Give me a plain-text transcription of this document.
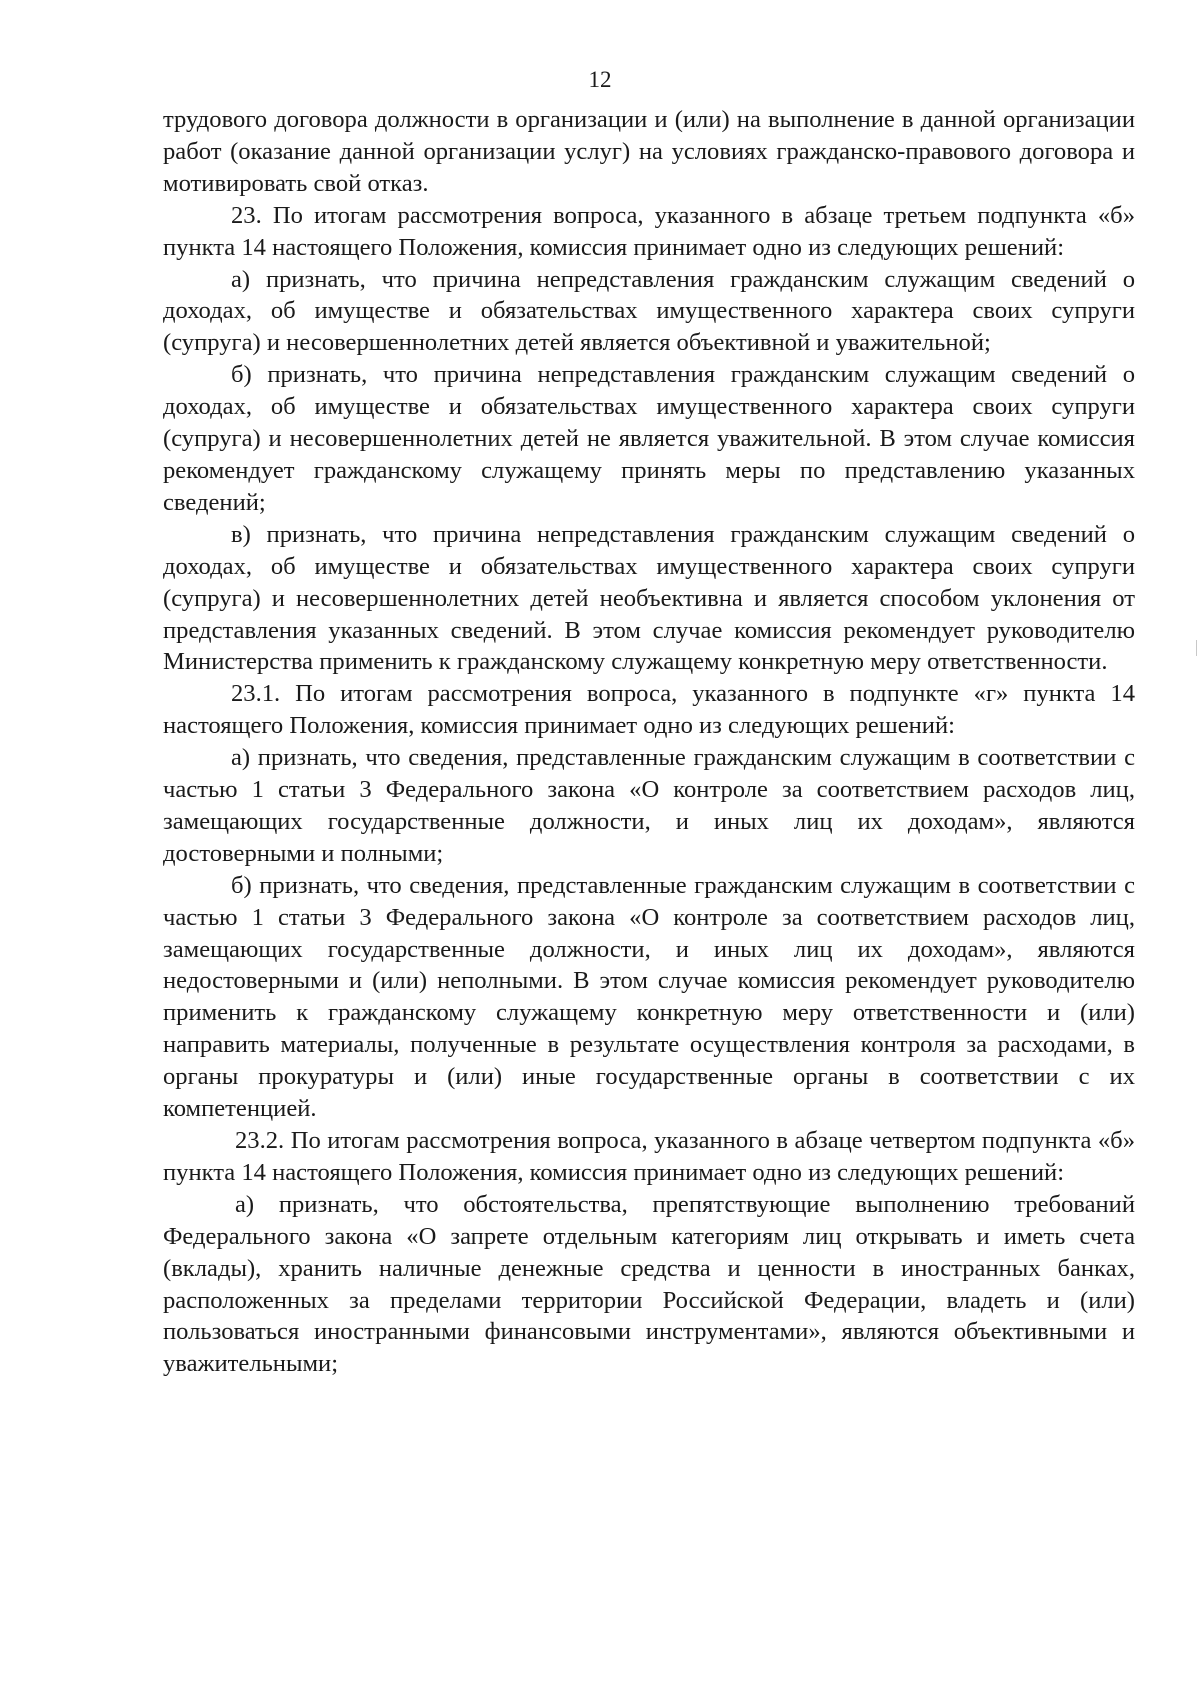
12

трудового договора должности в организации и (или) на выполнение в данной организации работ (оказание данной организации услуг) на условиях гражданско-правового договора и мотивировать свой отказ.

23. По итогам рассмотрения вопроса, указанного в абзаце третьем подпункта «б» пункта 14 настоящего Положения, комиссия принимает одно из следующих решений:

а) признать, что причина непредставления гражданским служащим сведений о доходах, об имуществе и обязательствах имущественного характера своих супруги (супруга) и несовершеннолетних детей является объективной и уважительной;

б) признать, что причина непредставления гражданским служащим сведений о доходах, об имуществе и обязательствах имущественного характера своих супруги (супруга) и несовершеннолетних детей не является уважительной. В этом случае комиссия рекомендует гражданскому служащему принять меры по представлению указанных сведений;

в) признать, что причина непредставления гражданским служащим сведений о доходах, об имуществе и обязательствах имущественного характера своих супруги (супруга) и несовершеннолетних детей необъективна и является способом уклонения от представления указанных сведений. В этом случае комиссия рекомендует руководителю Министерства применить к гражданскому служащему конкретную меру ответственности.

23.1. По итогам рассмотрения вопроса, указанного в подпункте «г» пункта 14 настоящего Положения, комиссия принимает одно из следующих решений:

а) признать, что сведения, представленные гражданским служащим в соответствии с частью 1 статьи 3 Федерального закона «О контроле за соответствием расходов лиц, замещающих государственные должности, и иных лиц их доходам», являются достоверными и полными;

б) признать, что сведения, представленные гражданским служащим в соответствии с частью 1 статьи 3 Федерального закона «О контроле за соответствием расходов лиц, замещающих государственные должности, и иных лиц их доходам», являются недостоверными и (или) неполными. В этом случае комиссия рекомендует руководителю применить к гражданскому служащему конкретную меру ответственности и (или) направить материалы, полученные в результате осуществления контроля за расходами, в органы прокуратуры и (или) иные государственные органы в соответствии с их компетенцией.

23.2. По итогам рассмотрения вопроса, указанного в абзаце четвертом подпункта «б» пункта 14 настоящего Положения, комиссия принимает одно из следующих решений:

а) признать, что обстоятельства, препятствующие выполнению требований Федерального закона «О запрете отдельным категориям лиц открывать и иметь счета (вклады), хранить наличные денежные средства и ценности в иностранных банках, расположенных за пределами территории Российской Федерации, владеть и (или) пользоваться иностранными финансовыми инструментами», являются объективными и уважительными;
